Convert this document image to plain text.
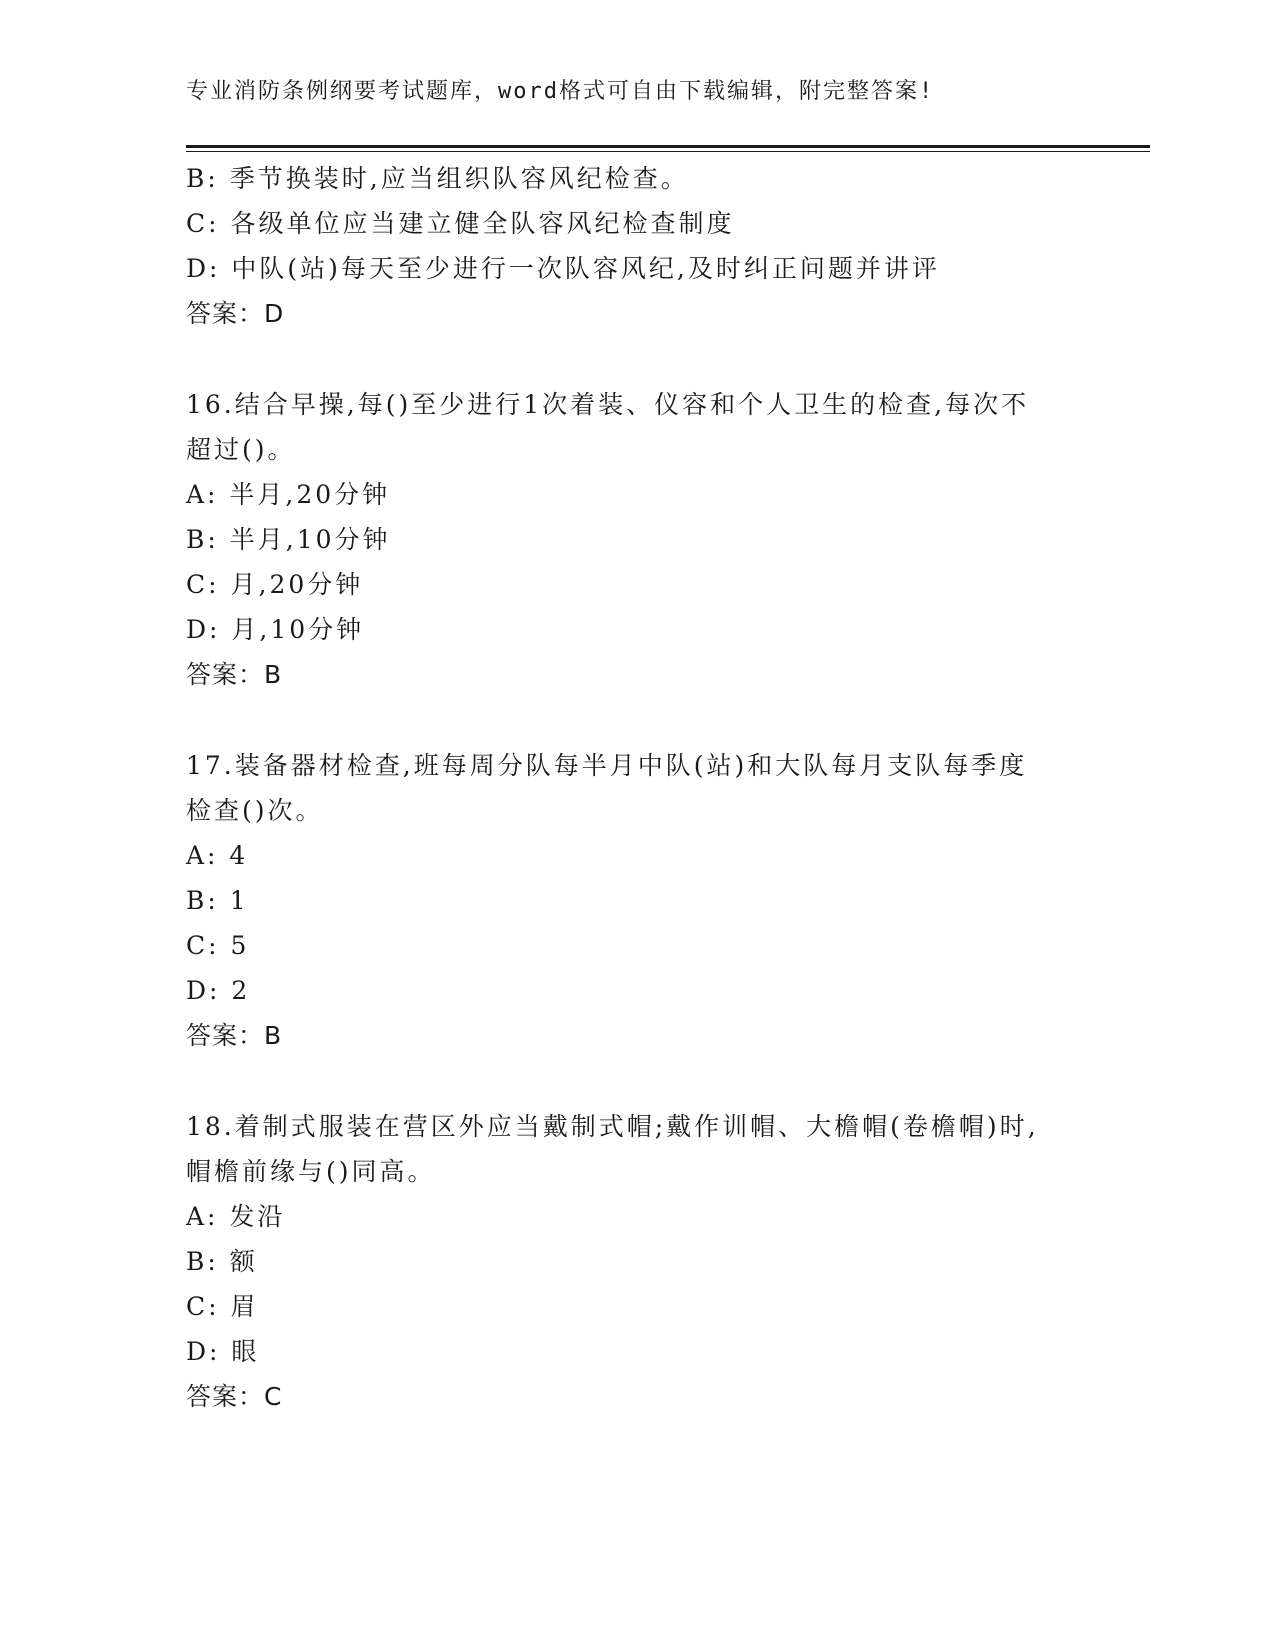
专业消防条例纲要考试题库，word格式可自由下载编辑，附完整答案!
B: 季节换装时,应当组织队容风纪检查。
C: 各级单位应当建立健全队容风纪检查制度
D: 中队(站)每天至少进行一次队容风纪,及时纠正问题并讲评
答案：D
16.结合早操,每()至少进行1次着装、仪容和个人卫生的检查,每次不
超过()。
A: 半月,20分钟
B: 半月,10分钟
C: 月,20分钟
D: 月,10分钟
答案：B
17.装备器材检查,班每周分队每半月中队(站)和大队每月支队每季度
检查()次。
A: 4
B: 1
C: 5
D: 2
答案：B
18.着制式服装在营区外应当戴制式帽;戴作训帽、大檐帽(卷檐帽)时,
帽檐前缘与()同高。
A: 发沿
B: 额
C: 眉
D: 眼
答案：C
